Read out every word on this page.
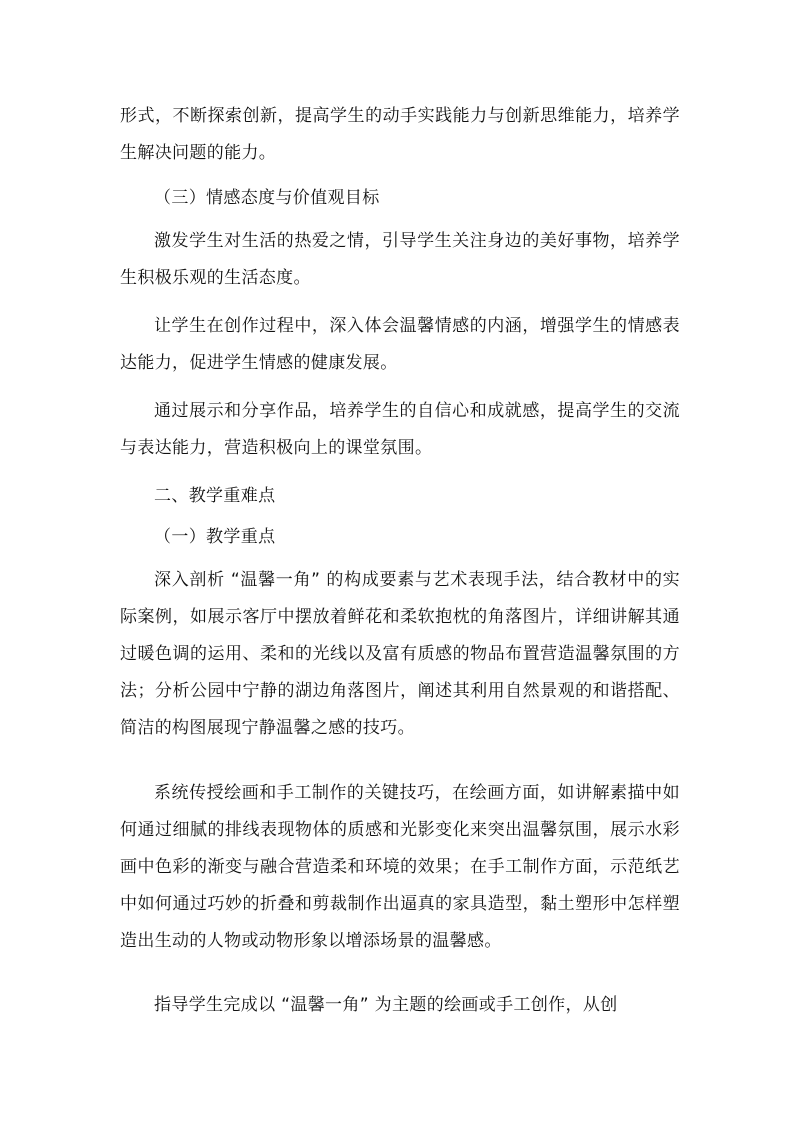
形式，不断探索创新，提高学生的动手实践能力与创新思维能力，培养学生解决问题的能力。

（三）情感态度与价值观目标

激发学生对生活的热爱之情，引导学生关注身边的美好事物，培养学生积极乐观的生活态度。

让学生在创作过程中，深入体会温馨情感的内涵，增强学生的情感表达能力，促进学生情感的健康发展。

通过展示和分享作品，培养学生的自信心和成就感，提高学生的交流与表达能力，营造积极向上的课堂氛围。

二、教学重难点

（一）教学重点

深入剖析 “温馨一角” 的构成要素与艺术表现手法，结合教材中的实际案例，如展示客厅中摆放着鲜花和柔软抱枕的角落图片，详细讲解其通过暖色调的运用、柔和的光线以及富有质感的物品布置营造温馨氛围的方法；分析公园中宁静的湖边角落图片，阐述其利用自然景观的和谐搭配、简洁的构图展现宁静温馨之感的技巧。

系统传授绘画和手工制作的关键技巧，在绘画方面，如讲解素描中如何通过细腻的排线表现物体的质感和光影变化来突出温馨氛围，展示水彩画中色彩的渐变与融合营造柔和环境的效果；在手工制作方面，示范纸艺中如何通过巧妙的折叠和剪裁制作出逼真的家具造型，黏土塑形中怎样塑造出生动的人物或动物形象以增添场景的温馨感。

指导学生完成以 “温馨一角” 为主题的绘画或手工创作，从创
